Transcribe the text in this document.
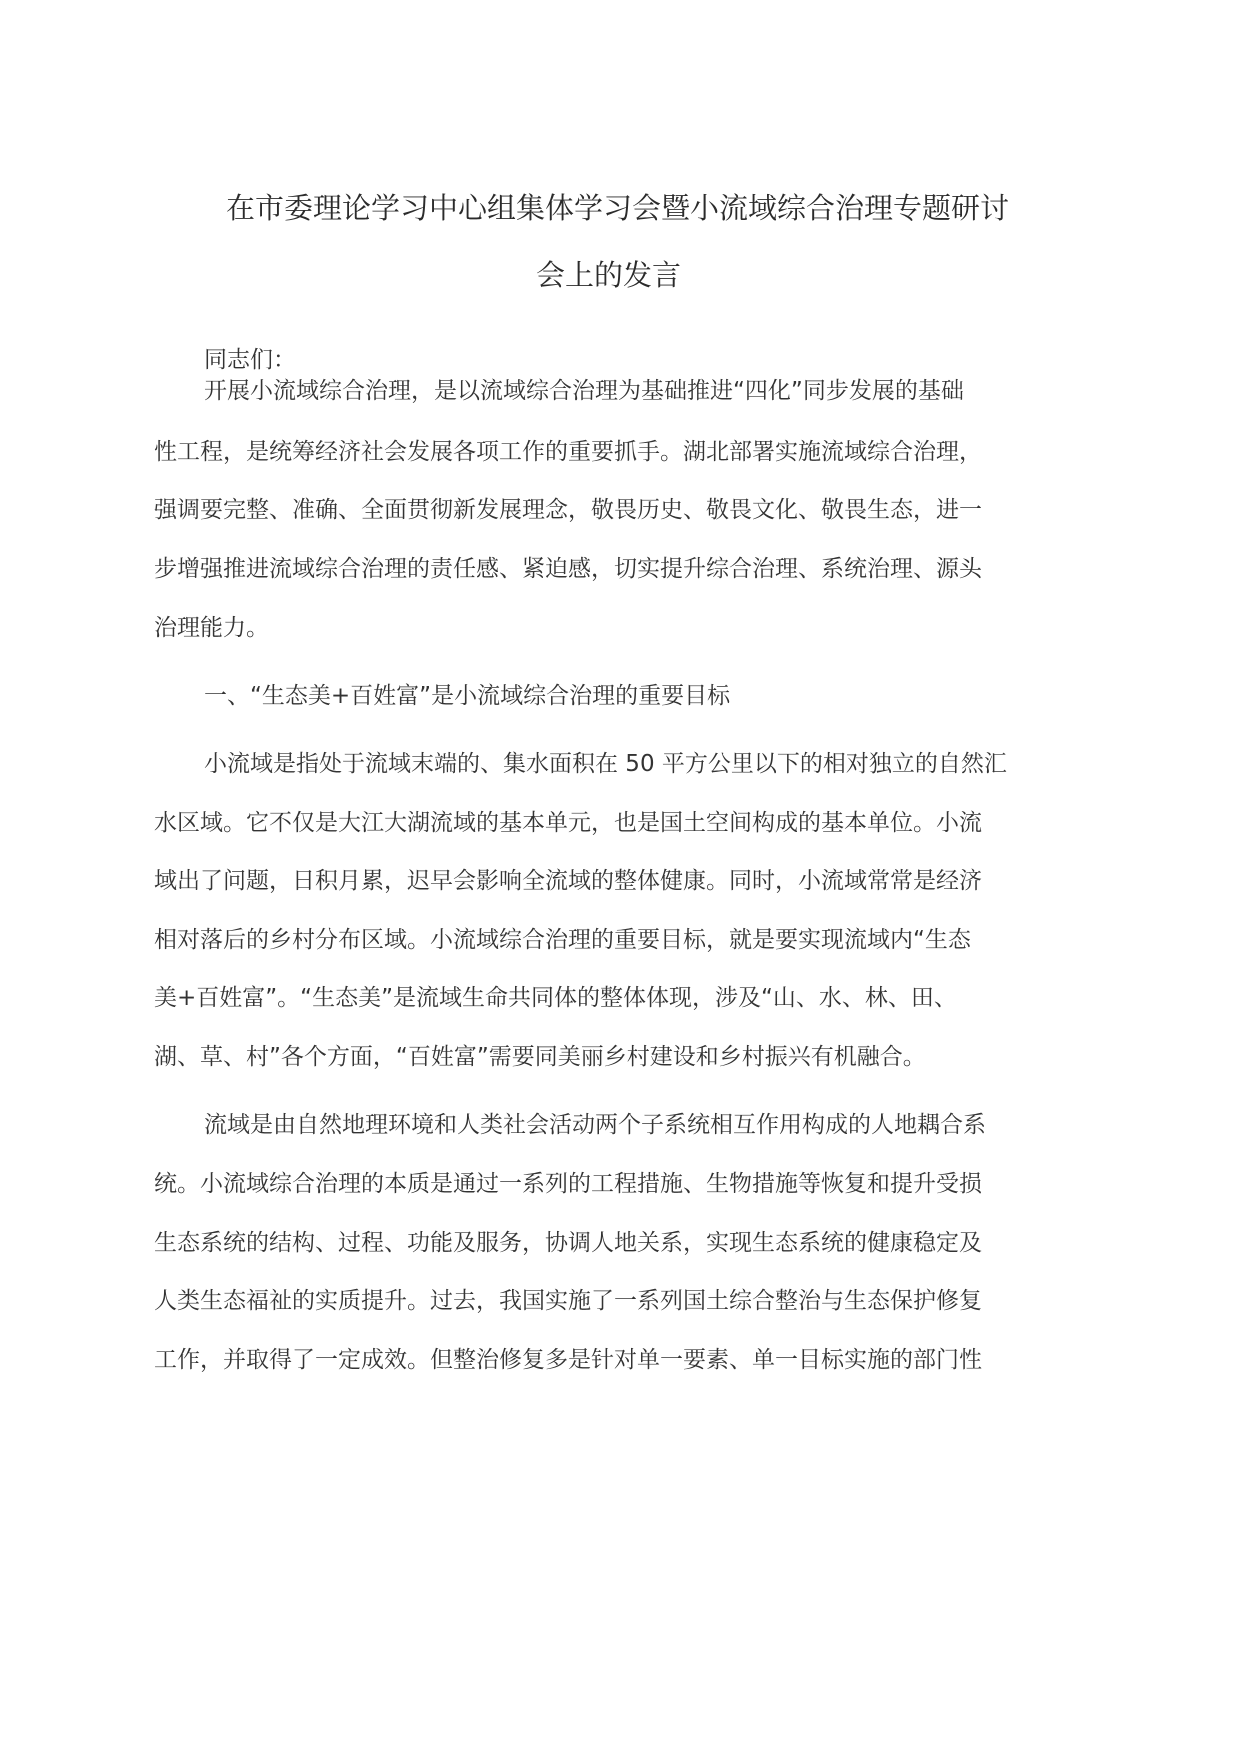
在市委理论学习中心组集体学习会暨小流域综合治理专题研讨
会上的发言
同志们：
开展小流域综合治理，是以流域综合治理为基础推进“四化”同步发展的基础
性工程，是统筹经济社会发展各项工作的重要抓手。湖北部署实施流域综合治理，
强调要完整、准确、全面贯彻新发展理念，敬畏历史、敬畏文化、敬畏生态，进一
步增强推进流域综合治理的责任感、紧迫感，切实提升综合治理、系统治理、源头
治理能力。
一、“生态美+百姓富”是小流域综合治理的重要目标
小流域是指处于流域末端的、集水面积在 50 平方公里以下的相对独立的自然汇
水区域。它不仅是大江大湖流域的基本单元，也是国土空间构成的基本单位。小流
域出了问题，日积月累，迟早会影响全流域的整体健康。同时，小流域常常是经济
相对落后的乡村分布区域。小流域综合治理的重要目标，就是要实现流域内“生态
美+百姓富”。“生态美”是流域生命共同体的整体体现，涉及“山、水、林、田、
湖、草、村”各个方面，“百姓富”需要同美丽乡村建设和乡村振兴有机融合。
流域是由自然地理环境和人类社会活动两个子系统相互作用构成的人地耦合系
统。小流域综合治理的本质是通过一系列的工程措施、生物措施等恢复和提升受损
生态系统的结构、过程、功能及服务，协调人地关系，实现生态系统的健康稳定及
人类生态福祉的实质提升。过去，我国实施了一系列国土综合整治与生态保护修复
工作，并取得了一定成效。但整治修复多是针对单一要素、单一目标实施的部门性
